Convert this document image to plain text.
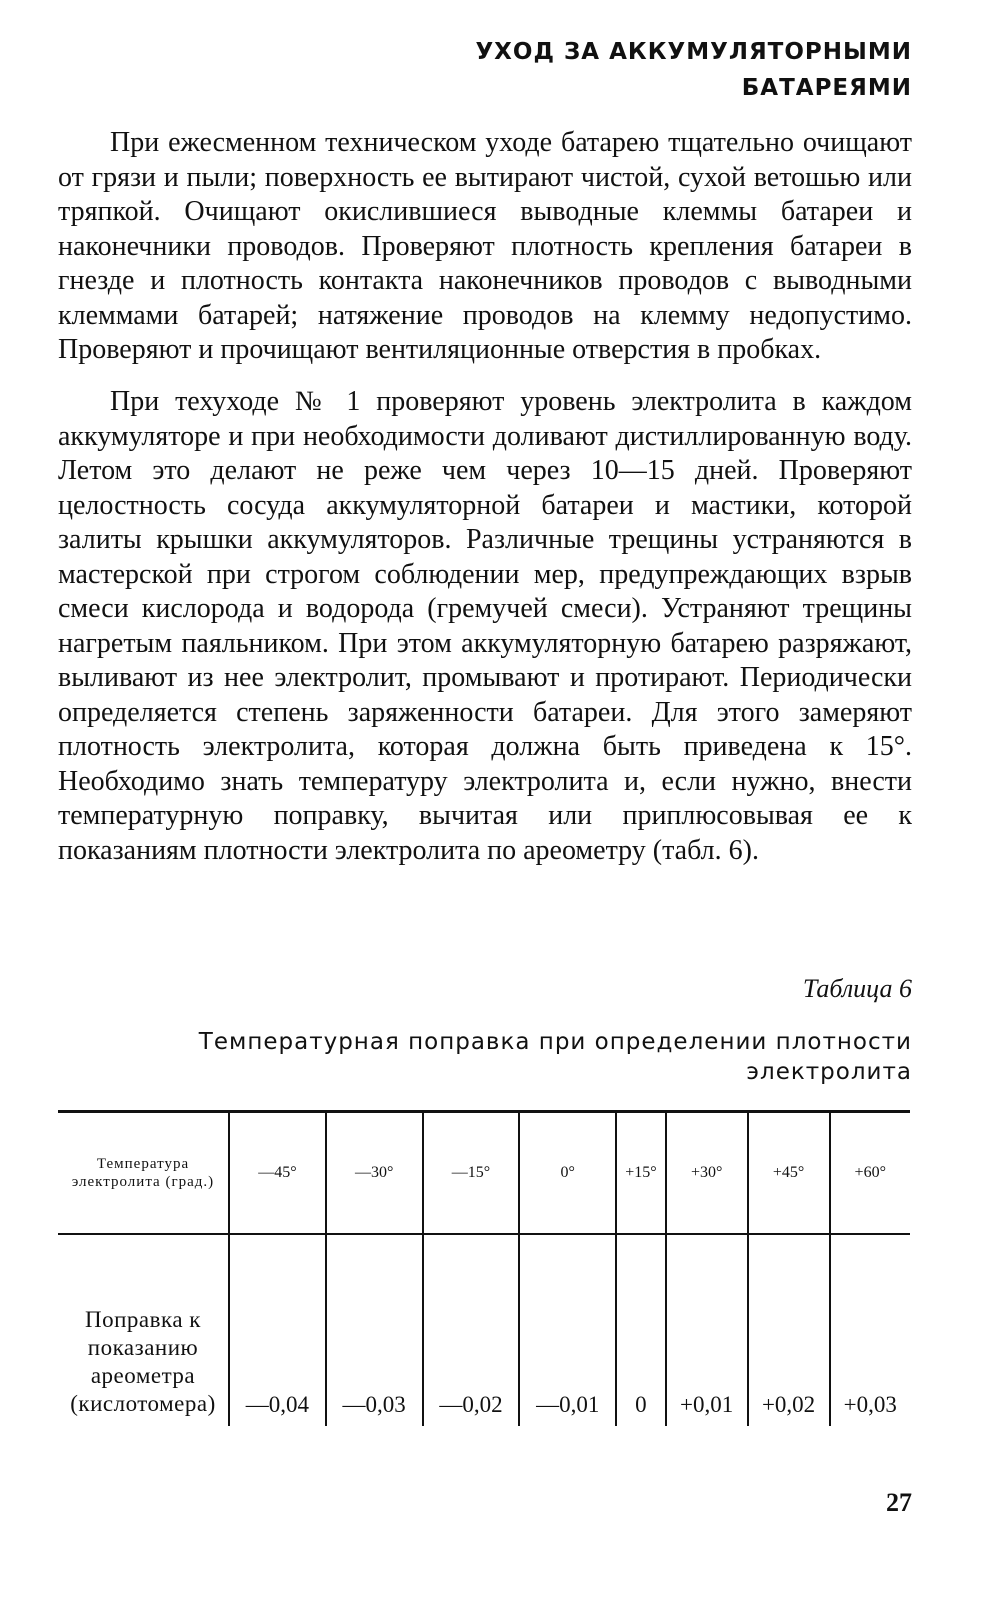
УХОД ЗА АККУМУЛЯТОРНЫМИ
БАТАРЕЯМИ

При ежесменном техническом уходе батарею тщательно очищают от грязи и пыли; поверхность ее вытирают чистой, сухой ветошью или тряпкой. Очищают окислившиеся выводные клеммы батареи и наконечники проводов. Проверяют плотность крепления батареи в гнезде и плотность контакта наконечников проводов с выводными клеммами батарей; натяжение проводов на клемму недопустимо. Проверяют и прочищают вентиляционные отверстия в пробках.

При техуходе № 1 проверяют уровень электролита в каждом аккумуляторе и при необходимости доливают дистиллированную воду. Летом это делают не реже чем через 10—15 дней. Проверяют целостность сосуда аккумуляторной батареи и мастики, которой залиты крышки аккумуляторов. Различные трещины устраняются в мастерской при строгом соблюдении мер, предупреждающих взрыв смеси кислорода и водорода (гремучей смеси). Устраняют трещины нагретым паяльником. При этом аккумуляторную батарею разряжают, выливают из нее электролит, промывают и протирают. Периодически определяется степень заряженности батареи. Для этого замеряют плотность электролита, которая должна быть приведена к 15°. Необходимо знать температуру электролита и, если нужно, внести температурную поправку, вычитая или приплюсовывая ее к показаниям плотности электролита по ареометру (табл. 6).

Таблица 6
Температурная поправка при определении плотности электролита
Температура электролита (град.)	—45°	—30°	—15°	0°	+15°	+30°	+45°	+60°
Поправка к показанию ареометра (кислотомера)	—0,04	—0,03	—0,02	—0,01	0	+0,01	+0,02	+0,03
27
